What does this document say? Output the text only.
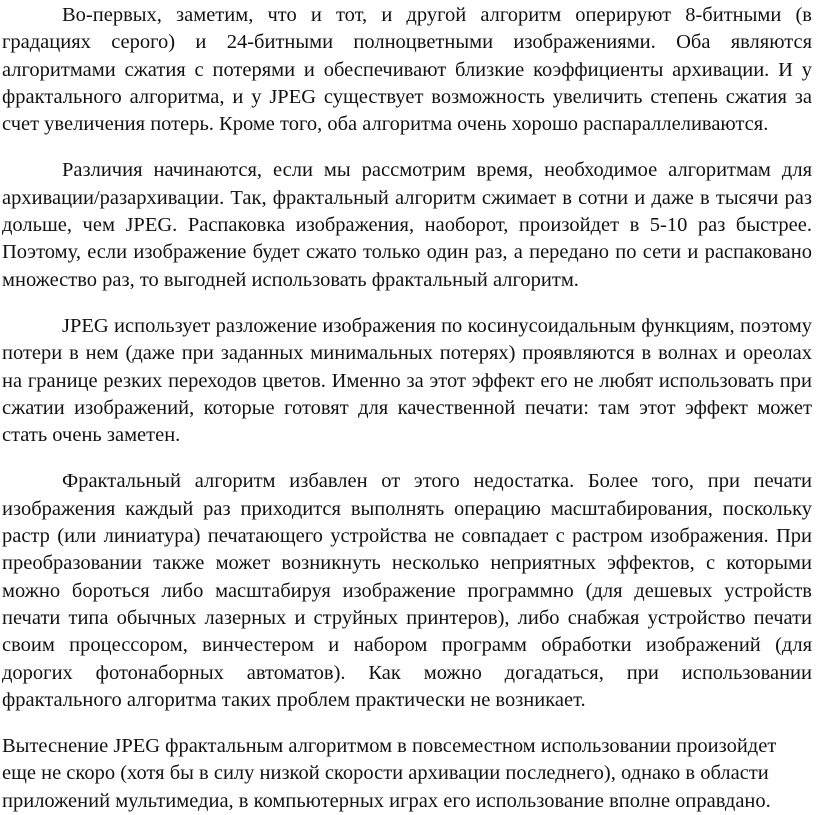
Во-первых, заметим, что и тот, и другой алгоритм оперируют 8-битными (в градациях серого) и 24-битными полноцветными изображениями. Оба являются алгоритмами сжатия с потерями и обеспечивают близкие коэффициенты архивации. И у фрактального алгоритма, и у JPEG существует возможность увеличить степень сжатия за счет увеличения потерь. Кроме того, оба алгоритма очень хорошо распараллеливаются.

Различия начинаются, если мы рассмотрим время, необходимое алгоритмам для архивации/разархивации. Так, фрактальный алгоритм сжимает в сотни и даже в тысячи раз дольше, чем JPEG. Распаковка изображения, наоборот, произойдет в 5-10 раз быстрее. Поэтому, если изображение будет сжато только один раз, а передано по сети и распаковано множество раз, то выгодней использовать фрактальный алгоритм.

JPEG использует разложение изображения по косинусоидальным функциям, поэтому потери в нем (даже при заданных минимальных потерях) проявляются в волнах и ореолах на границе резких переходов цветов. Именно за этот эффект его не любят использовать при сжатии изображений, которые готовят для качественной печати: там этот эффект может стать очень заметен.

Фрактальный алгоритм избавлен от этого недостатка. Более того, при печати изображения каждый раз приходится выполнять операцию масштабирования, поскольку растр (или линиатура) печатающего устройства не совпадает с растром изображения. При преобразовании также может возникнуть несколько неприятных эффектов, с которыми можно бороться либо масштабируя изображение программно (для дешевых устройств печати типа обычных лазерных и струйных принтеров), либо снабжая устройство печати своим процессором, винчестером и набором программ обработки изображений (для дорогих фотонаборных автоматов). Как можно догадаться, при использовании фрактального алгоритма таких проблем практически не возникает.

Вытеснение JPEG фрактальным алгоритмом в повсеместном использовании произойдет еще не скоро (хотя бы в силу низкой скорости архивации последнего), однако в области приложений мультимедиа, в компьютерных играх его использование вполне оправдано.
